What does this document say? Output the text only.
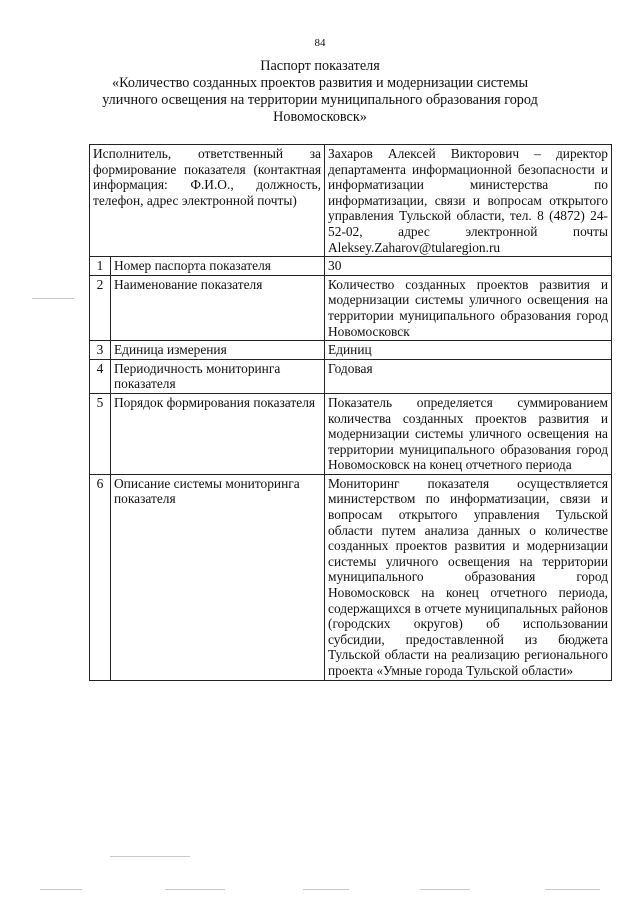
84
Паспорт показателя
«Количество созданных проектов развития и модернизации системы
уличного освещения на территории муниципального образования город
Новомосковск»
Исполнитель, ответственный за формирование показателя (контактная информация: Ф.И.О., должность, телефон, адрес электронной почты)		Захаров Алексей Викторович – директор департамента информационной безопасности и информатизации министерства по информатизации, связи и вопросам открытого управления Тульской области, тел. 8 (4872) 24-52-02, адрес электронной почты Aleksey.Zaharov@tularegion.ru
1	Номер паспорта показателя	30
2	Наименование показателя	Количество созданных проектов развития и модернизации системы уличного освещения на территории муниципального образования город Новомосковск
3	Единица измерения	Единиц
4	Периодичность мониторинга показателя	Годовая
5	Порядок формирования показателя	Показатель определяется суммированием количества созданных проектов развития и модернизации системы уличного освещения на территории муниципального образования город Новомосковск на конец отчетного периода
6	Описание системы мониторинга показателя	Мониторинг показателя осуществляется министерством по информатизации, связи и вопросам открытого управления Тульской области путем анализа данных о количестве созданных проектов развития и модернизации системы уличного освещения на территории муниципального образования город Новомосковск на конец отчетного периода, содержащихся в отчете муниципальных районов (городских округов) об использовании субсидии, предоставленной из бюджета Тульской области на реализацию регионального проекта «Умные города Тульской области»
